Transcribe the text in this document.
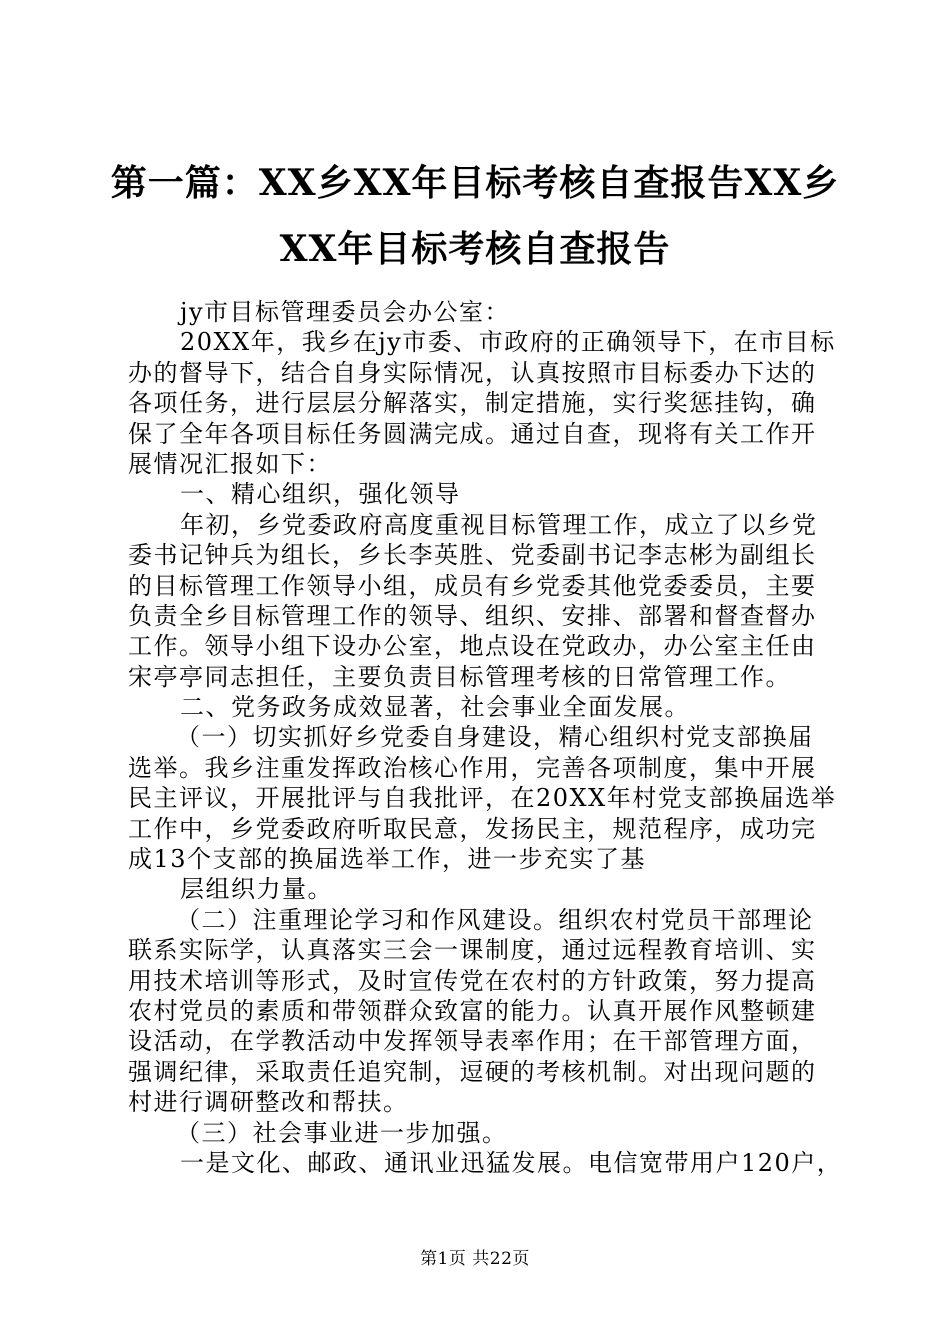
第一篇：XX乡XX年目标考核自查报告XX乡
XX年目标考核自查报告
jy市目标管理委员会办公室：
20XX年，我乡在jy市委、市政府的正确领导下，在市目标
办的督导下，结合自身实际情况，认真按照市目标委办下达的
各项任务，进行层层分解落实，制定措施，实行奖惩挂钩，确
保了全年各项目标任务圆满完成。通过自查，现将有关工作开
展情况汇报如下：
一、精心组织，强化领导
年初，乡党委政府高度重视目标管理工作，成立了以乡党
委书记钟兵为组长，乡长李英胜、党委副书记李志彬为副组长
的目标管理工作领导小组，成员有乡党委其他党委委员，主要
负责全乡目标管理工作的领导、组织、安排、部署和督查督办
工作。领导小组下设办公室，地点设在党政办，办公室主任由
宋亭亭同志担任，主要负责目标管理考核的日常管理工作。
二、党务政务成效显著，社会事业全面发展。
（一）切实抓好乡党委自身建设，精心组织村党支部换届
选举。我乡注重发挥政治核心作用，完善各项制度，集中开展
民主评议，开展批评与自我批评，在20XX年村党支部换届选举
工作中，乡党委政府听取民意，发扬民主，规范程序，成功完
成13个支部的换届选举工作，进一步充实了基
层组织力量。
（二）注重理论学习和作风建设。组织农村党员干部理论
联系实际学，认真落实三会一课制度，通过远程教育培训、实
用技术培训等形式，及时宣传党在农村的方针政策，努力提高
农村党员的素质和带领群众致富的能力。认真开展作风整顿建
设活动，在学教活动中发挥领导表率作用；在干部管理方面，
强调纪律，采取责任追究制，逗硬的考核机制。对出现问题的
村进行调研整改和帮扶。
（三）社会事业进一步加强。
一是文化、邮政、通讯业迅猛发展。电信宽带用户120户，
第1页 共22页
